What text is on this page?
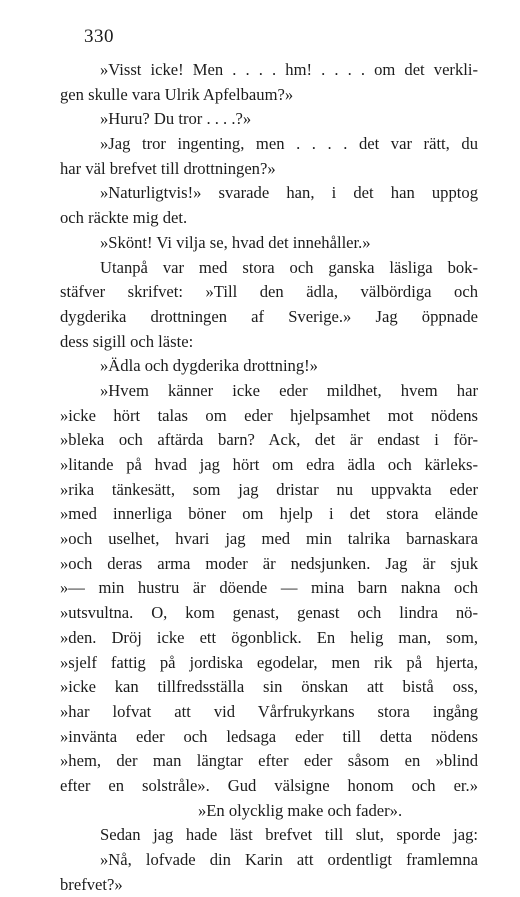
330
»Visst icke! Men . . . . hm! . . . . om det verkli-
gen skulle vara Ulrik Apfelbaum?»
»Huru? Du tror . . . .?»
»Jag tror ingenting, men . . . . det var rätt, du
har väl brefvet till drottningen?»
»Naturligtvis!» svarade han, i det han upptog
och räckte mig det.
»Skönt! Vi vilja se, hvad det innehåller.»
Utanpå var med stora och ganska läsliga bok-
stäfver skrifvet: »Till den ädla, välbördiga och
dygderika drottningen af Sverige.» Jag öppnade
dess sigill och läste:
»Ädla och dygderika drottning!»
»Hvem känner icke eder mildhet, hvem har
»icke hört talas om eder hjelpsamhet mot nödens
»bleka och aftärda barn? Ack, det är endast i för-
»litande på hvad jag hört om edra ädla och kärleks-
»rika tänkesätt, som jag dristar nu uppvakta eder
»med innerliga böner om hjelp i det stora elände
»och uselhet, hvari jag med min talrika barnaskara
»och deras arma moder är nedsjunken. Jag är sjuk
»— min hustru är döende — mina barn nakna och
»utsvultna. O, kom genast, genast och lindra nö-
»den. Dröj icke ett ögonblick. En helig man, som,
»sjelf fattig på jordiska egodelar, men rik på hjerta,
»icke kan tillfredsställa sin önskan att bistå oss,
»har lofvat att vid Vårfrukyrkans stora ingång
»invänta eder och ledsaga eder till detta nödens
»hem, der man längtar efter eder såsom en »blind
efter en solstråle». Gud välsigne honom och er.»
»En olycklig make och fader».
Sedan jag hade läst brefvet till slut, sporde jag:
»Nå, lofvade din Karin att ordentligt framlemna
brefvet?»
